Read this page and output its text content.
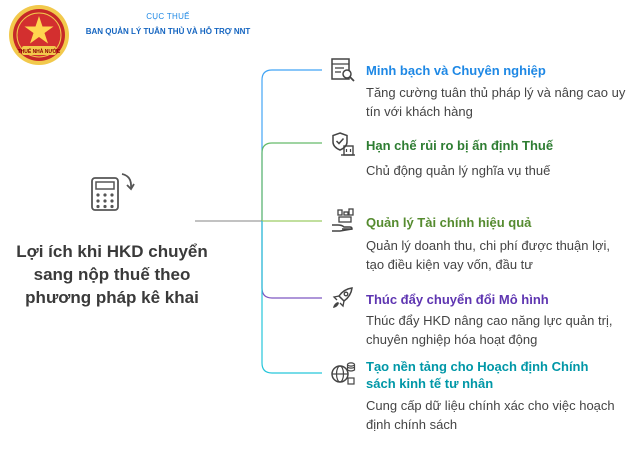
THUẾ NHÀ NƯỚC
CỤC THUẾ
BAN QUẢN LÝ TUÂN THỦ VÀ HỖ TRỢ NNT
Lợi ích khi HKD chuyển sang nộp thuế theo phương pháp kê khai
Minh bạch và Chuyên nghiệp
Tăng cường tuân thủ pháp lý và nâng cao uy tín với khách hàng
Hạn chế rủi ro bị ấn định Thuế
Chủ động quản lý nghĩa vụ thuế
Quản lý Tài chính hiệu quả
Quản lý doanh thu, chi phí được thuận lợi, tạo điều kiện vay vốn, đầu tư
Thúc đẩy chuyển đổi Mô hình
Thúc đẩy HKD nâng cao năng lực quản trị, chuyên nghiệp hóa hoạt động
Tạo nền tảng cho Hoạch định Chính sách kinh tế tư nhân
Cung cấp dữ liệu chính xác cho việc hoạch định chính sách
